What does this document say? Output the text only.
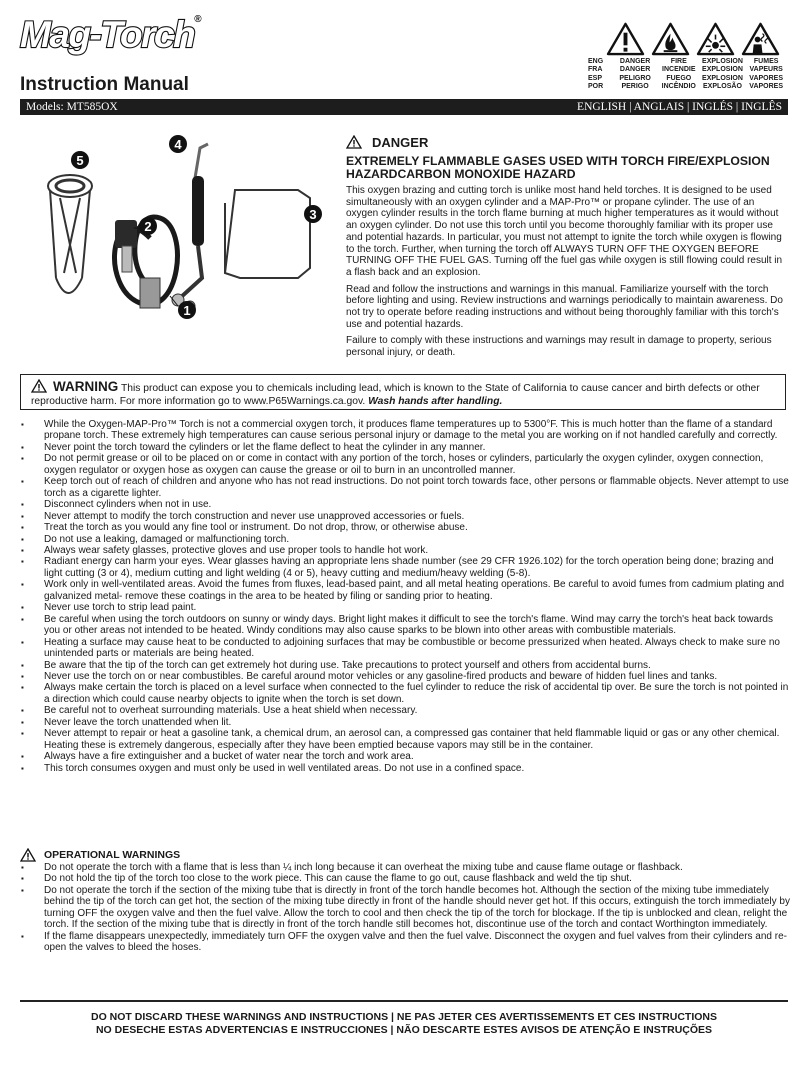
Mag-Torch®
Instruction Manual
ENG
FRA
ESP
POR
DANGER
DANGER
PELIGRO
PERIGO
FIRE
INCENDIE
FUEGO
INCÊNDIO
EXPLOSION
EXPLOSION
EXPLOSION
EXPLOSÃO
FUMES
VAPEURS
VAPORES
VAPORES
Models: MT585OX	ENGLISH | ANGLAIS | INGLÉS | INGLÊS
1
2
3
4
5
DANGER
EXTREMELY FLAMMABLE GASES USED WITH TORCH FIRE/EXPLOSION HAZARDCARBON MONOXIDE HAZARD

This oxygen brazing and cutting torch is unlike most hand held torches. It is designed to be used simultaneously with an oxygen cylinder and a MAP-Pro™ or propane cylinder. The use of an oxygen cylinder results in the torch flame burning at much higher temperatures as it would without an oxygen cylinder. Do not use this torch until you become thoroughly familiar with its proper use and potential hazards. In particular, you must not attempt to ignite the torch while oxygen is flowing to the torch. Further, when turning the torch off ALWAYS TURN OFF THE OXYGEN BEFORE TURNING OFF THE FUEL GAS. Turning off the fuel gas while oxygen is still flowing could result in a flash back and an explosion.

Read and follow the instructions and warnings in this manual. Familiarize yourself with the torch before lighting and using. Review instructions and warnings periodically to maintain awareness. Do not try to operate before reading instructions and without being thoroughly familiar with this torch's use and potential hazards.

Failure to comply with these instructions and warnings may result in damage to property, serious personal injury, or death.

WARNING This product can expose you to chemicals including lead, which is known to the State of California to cause cancer and birth defects or other reproductive harm. For more information go to www.P65Warnings.ca.gov. Wash hands after handling.
▪ While the Oxygen-MAP-Pro™ Torch is not a commercial oxygen torch, it produces flame temperatures up to 5300°F. This is much hotter than the flame of a standard propane torch. These extremely high temperatures can cause serious personal injury or damage to the metal you are working on if not handled carefully and correctly.
▪ Never point the torch toward the cylinders or let the flame deflect to heat the cylinder in any manner.
▪ Do not permit grease or oil to be placed on or come in contact with any portion of the torch, hoses or cylinders, particularly the oxygen cylinder, oxygen connection, oxygen regulator or oxygen hose as oxygen can cause the grease or oil to burn in an uncontrolled manner.
▪ Keep torch out of reach of children and anyone who has not read instructions. Do not point torch towards face, other persons or flammable objects. Never attempt to use torch as a cigarette lighter.
▪ Disconnect cylinders when not in use.
▪ Never attempt to modify the torch construction and never use unapproved accessories or fuels.
▪ Treat the torch as you would any fine tool or instrument. Do not drop, throw, or otherwise abuse.
▪ Do not use a leaking, damaged or malfunctioning torch.
▪ Always wear safety glasses, protective gloves and use proper tools to handle hot work.
▪ Radiant energy can harm your eyes. Wear glasses having an appropriate lens shade number (see 29 CFR 1926.102) for the torch operation being done; brazing and light cutting (3 or 4), medium cutting and light welding (4 or 5), heavy cutting and medium/heavy welding (5-8).
▪ Work only in well-ventilated areas. Avoid the fumes from fluxes, lead-based paint, and all metal heating operations. Be careful to avoid fumes from cadmium plating and galvanized metal- remove these coatings in the area to be heated by filing or sanding prior to heating.
▪ Never use torch to strip lead paint.
▪ Be careful when using the torch outdoors on sunny or windy days. Bright light makes it difficult to see the torch's flame. Wind may carry the torch's heat back towards you or other areas not intended to be heated. Windy conditions may also cause sparks to be blown into other areas with combustible materials.
▪ Heating a surface may cause heat to be conducted to adjoining surfaces that may be combustible or become pressurized when heated. Always check to make sure no unintended parts or materials are being heated.
▪ Be aware that the tip of the torch can get extremely hot during use. Take precautions to protect yourself and others from accidental burns.
▪ Never use the torch on or near combustibles. Be careful around motor vehicles or any gasoline-fired products and beware of hidden fuel lines and tanks.
▪ Always make certain the torch is placed on a level surface when connected to the fuel cylinder to reduce the risk of accidental tip over. Be sure the torch is not pointed in a direction which could cause nearby objects to ignite when the torch is set down.
▪ Be careful not to overheat surrounding materials. Use a heat shield when necessary.
▪ Never leave the torch unattended when lit.
▪ Never attempt to repair or heat a gasoline tank, a chemical drum, an aerosol can, a compressed gas container that held flammable liquid or gas or any other chemical. Heating these is extremely dangerous, especially after they have been emptied because vapors may still be in the container.
▪ Always have a fire extinguisher and a bucket of water near the torch and work area.
▪ This torch consumes oxygen and must only be used in well ventilated areas. Do not use in a confined space.
OPERATIONAL WARNINGS
▪ Do not operate the torch with a flame that is less than ¼ inch long because it can overheat the mixing tube and cause flame outage or flashback.
▪ Do not hold the tip of the torch too close to the work piece. This can cause the flame to go out, cause flashback and weld the tip shut.
▪ Do not operate the torch if the section of the mixing tube that is directly in front of the torch handle becomes hot. Although the section of the mixing tube immediately behind the tip of the torch can get hot, the section of the mixing tube directly in front of the handle should never get hot. If this occurs, extinguish the torch immediately by turning OFF the oxygen valve and then the fuel valve. Allow the torch to cool and then check the tip of the torch for blockage. If the tip is unblocked and clean, relight the torch. If the section of the mixing tube that is directly in front of the torch handle still becomes hot, discontinue use of the torch and contact Worthington immediately.
▪ If the flame disappears unexpectedly, immediately turn OFF the oxygen valve and then the fuel valve. Disconnect the oxygen and fuel valves from their cylinders and re-open the valves to bleed the hoses.
DO NOT DISCARD THESE WARNINGS AND INSTRUCTIONS | NE PAS JETER CES AVERTISSEMENTS ET CES INSTRUCTIONS
NO DESECHE ESTAS ADVERTENCIAS E INSTRUCCIONES | NÃO DESCARTE ESTES AVISOS DE ATENÇÃO E INSTRUÇÕES
